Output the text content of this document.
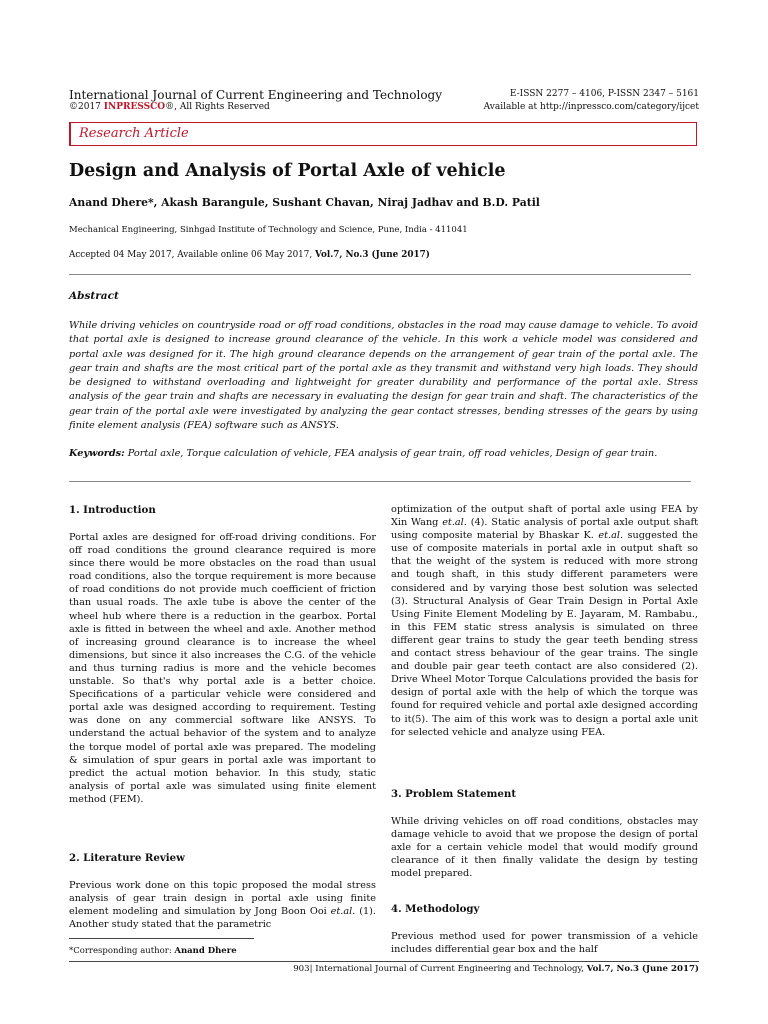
International Journal of Current Engineering and Technology
©2017 INPRESSCO®, All Rights Reserved
E-ISSN 2277 – 4106, P-ISSN 2347 – 5161
Available at http://inpressco.com/category/ijcet
Research Article
Design and Analysis of Portal Axle of vehicle
Anand Dhere*, Akash Barangule, Sushant Chavan, Niraj Jadhav and B.D. Patil
Mechanical Engineering, Sinhgad Institute of Technology and Science, Pune, India - 411041
Accepted 04 May 2017, Available online 06 May 2017, Vol.7, No.3 (June 2017)
Abstract
While driving vehicles on countryside road or off road conditions, obstacles in the road may cause damage to vehicle. To avoid that portal axle is designed to increase ground clearance of the vehicle. In this work a vehicle model was considered and portal axle was designed for it. The high ground clearance depends on the arrangement of gear train of the portal axle. The gear train and shafts are the most critical part of the portal axle as they transmit and withstand very high loads. They should be designed to withstand overloading and lightweight for greater durability and performance of the portal axle. Stress analysis of the gear train and shafts are necessary in evaluating the design for gear train and shaft. The characteristics of the gear train of the portal axle were investigated by analyzing the gear contact stresses, bending stresses of the gears by using finite element analysis (FEA) software such as ANSYS.
Keywords: Portal axle, Torque calculation of vehicle, FEA analysis of gear train, off road vehicles, Design of gear train.
1. Introduction

Portal axles are designed for off-road driving conditions. For off road conditions the ground clearance required is more since there would be more obstacles on the road than usual road conditions, also the torque requirement is more because of road conditions do not provide much coefficient of friction than usual roads. The axle tube is above the center of the wheel hub where there is a reduction in the gearbox. Portal axle is fitted in between the wheel and axle. Another method of increasing ground clearance is to increase the wheel dimensions, but since it also increases the C.G. of the vehicle and thus turning radius is more and the vehicle becomes unstable. So that's why portal axle is a better choice. Specifications of a particular vehicle were considered and portal axle was designed according to requirement. Testing was done on any commercial software like ANSYS. To understand the actual behavior of the system and to analyze the torque model of portal axle was prepared. The modeling & simulation of spur gears in portal axle was important to predict the actual motion behavior. In this study, static analysis of portal axle was simulated using finite element method (FEM).

2. Literature Review

Previous work done on this topic proposed the modal stress analysis of gear train design in portal axle using finite element modeling and simulation by Jong Boon Ooi et.al. (1). Another study stated that the parametric

*Corresponding author: Anand Dhere

optimization of the output shaft of portal axle using FEA by Xin Wang et.al. (4). Static analysis of portal axle output shaft using composite material by Bhaskar K. et.al. suggested the use of composite materials in portal axle in output shaft so that the weight of the system is reduced with more strong and tough shaft, in this study different parameters were considered and by varying those best solution was selected (3). Structural Analysis of Gear Train Design in Portal Axle Using Finite Element Modeling by E. Jayaram, M. Rambabu., in this FEM static stress analysis is simulated on three different gear trains to study the gear teeth bending stress and contact stress behaviour of the gear trains. The single and double pair gear teeth contact are also considered (2). Drive Wheel Motor Torque Calculations provided the basis for design of portal axle with the help of which the torque was found for required vehicle and portal axle designed according to it(5). The aim of this work was to design a portal axle unit for selected vehicle and analyze using FEA.

3. Problem Statement

While driving vehicles on off road conditions, obstacles may damage vehicle to avoid that we propose the design of portal axle for a certain vehicle model that would modify ground clearance of it then finally validate the design by testing model prepared.

4. Methodology

Previous method used for power transmission of a vehicle includes differential gear box and the half

903| International Journal of Current Engineering and Technology, Vol.7, No.3 (June 2017)
